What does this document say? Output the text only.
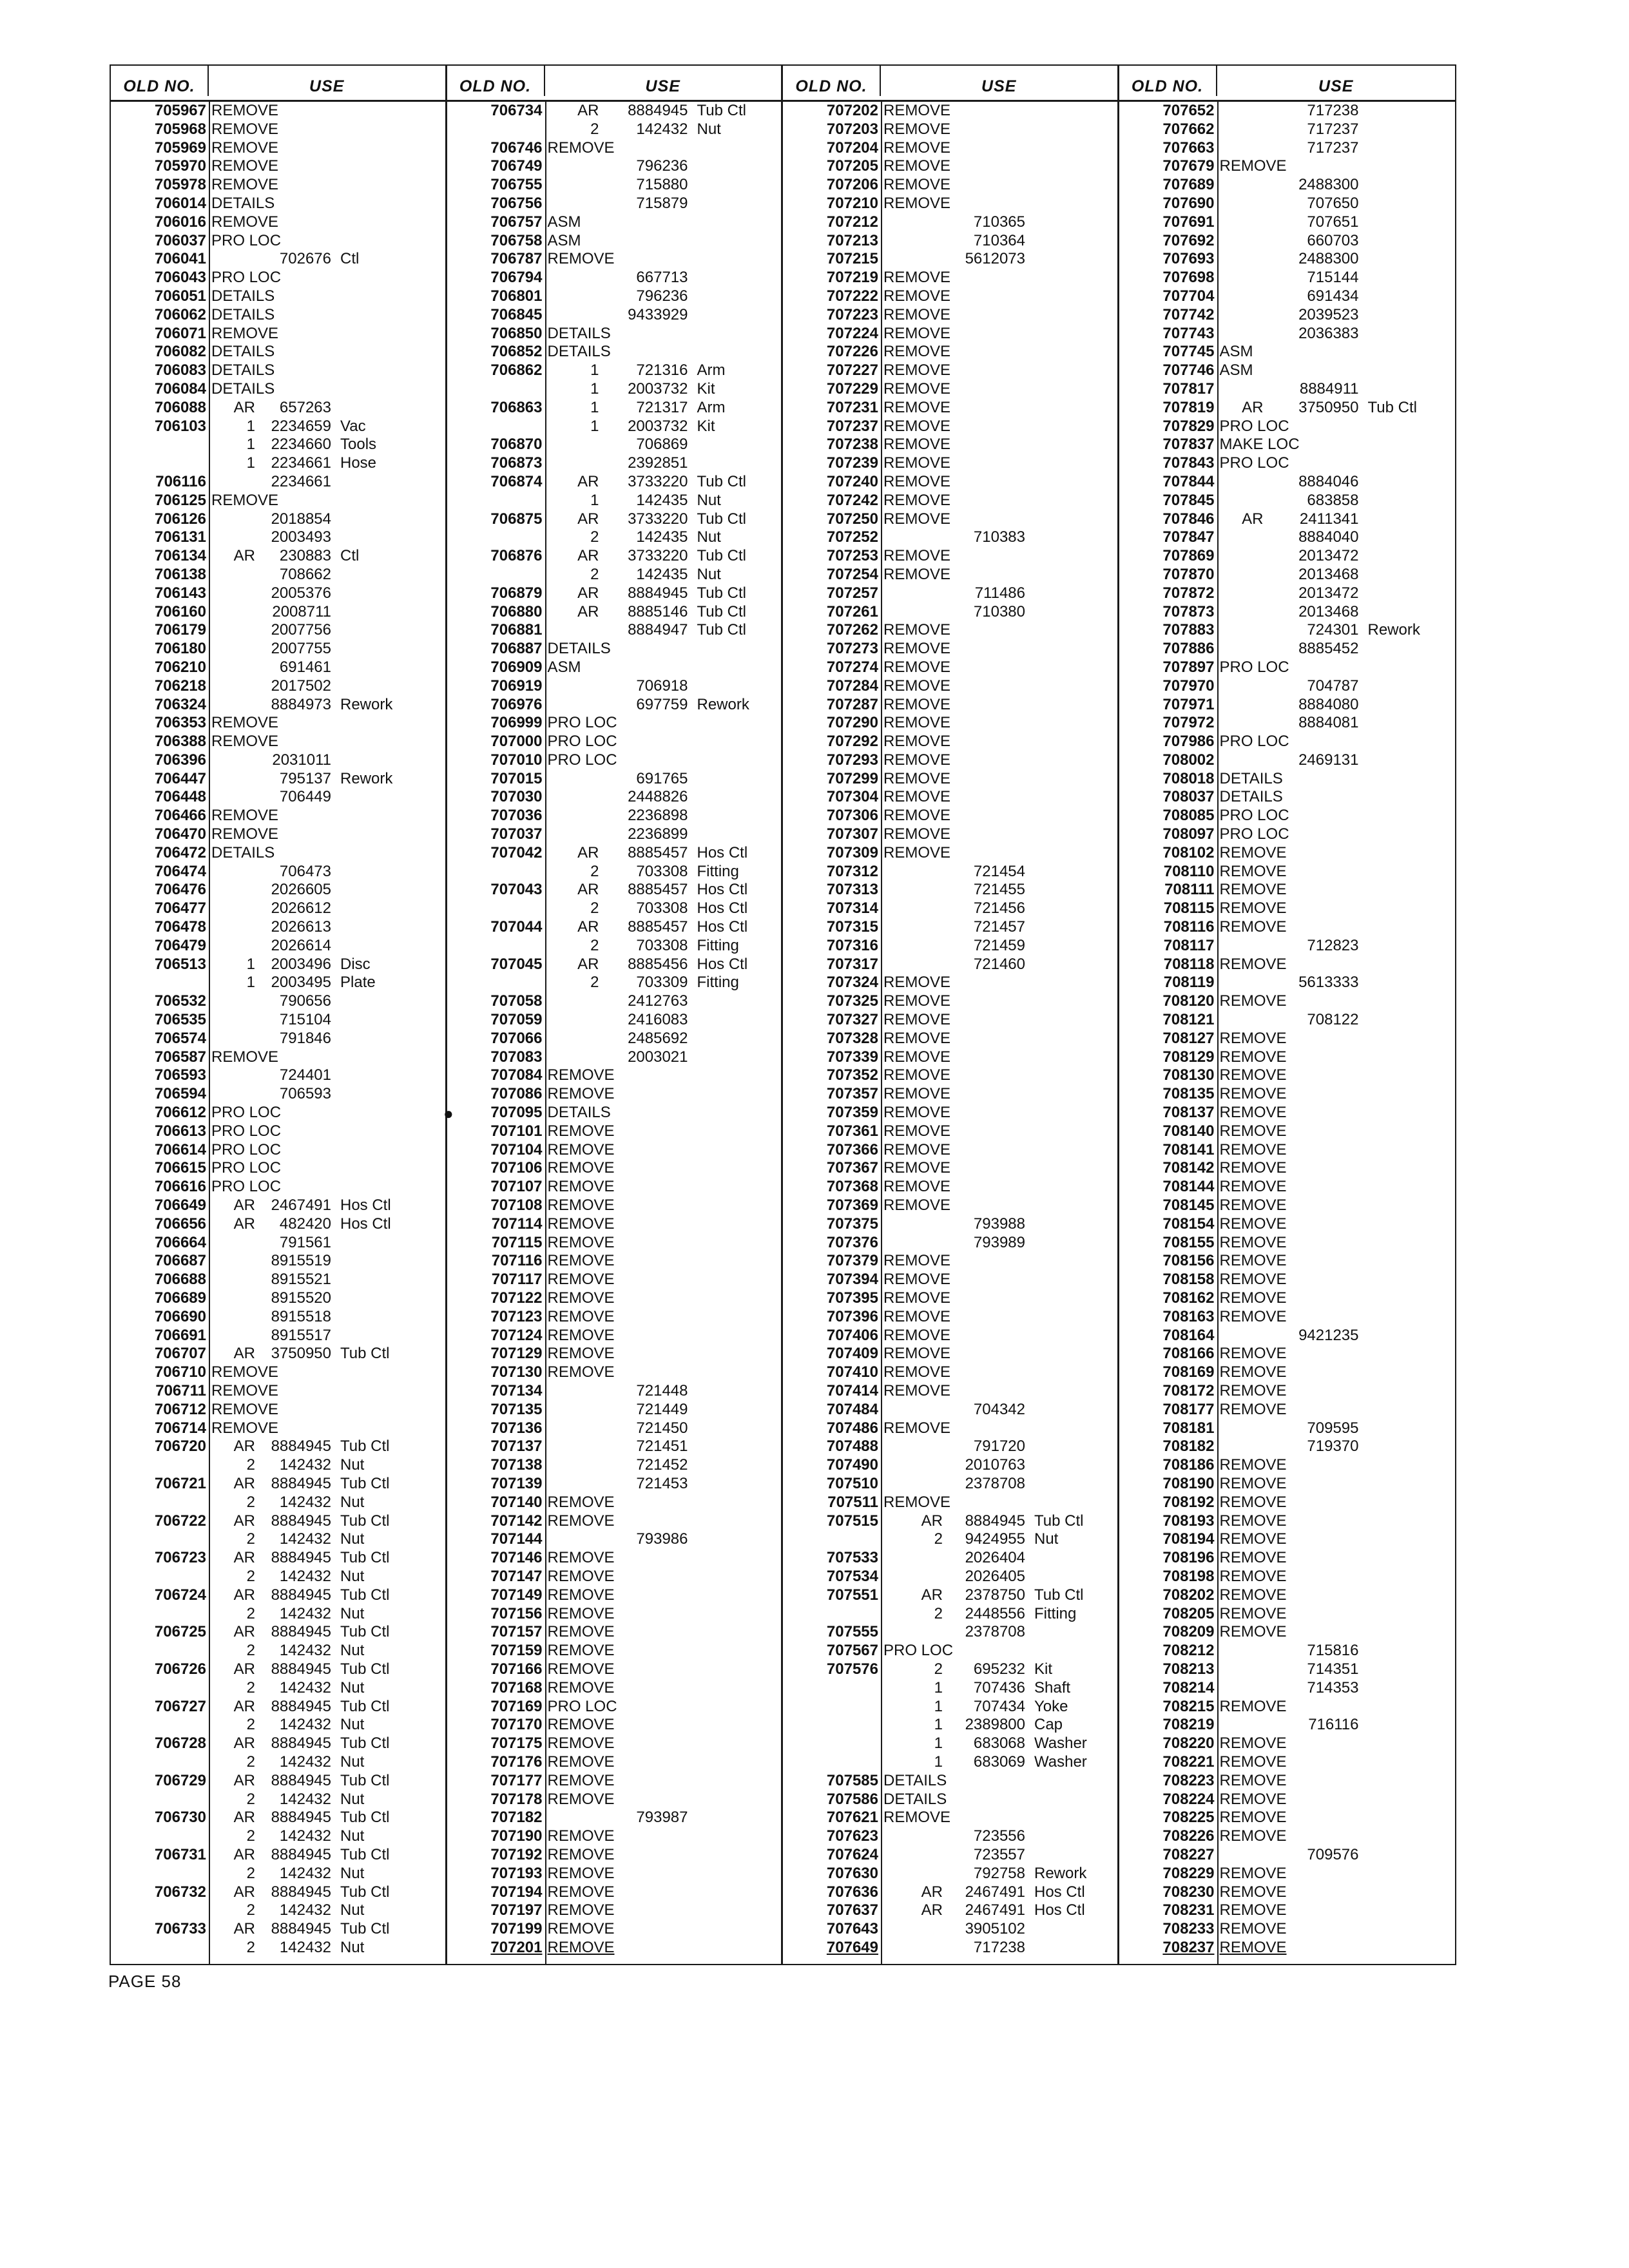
OLD NO.	USE
705967 REMOVE
705968 REMOVE
705969 REMOVE
705970 REMOVE
705978 REMOVE
706014 DETAILS
706016 REMOVE
706037 PRO LOC
706041	702676 Ctl
706043 PRO LOC
706051 DETAILS
706062 DETAILS
706071 REMOVE
706082 DETAILS
706083 DETAILS
706084 DETAILS
706088	AR	657263
706103	1	2234659 Vac
1	2234660 Tools
1	2234661 Hose
706116	2234661
706125 REMOVE
706126	2018854
706131	2003493
706134	AR	230883 Ctl
706138	708662
706143	2005376
706160	2008711
706179	2007756
706180	2007755
706210	691461
706218	2017502
706324	8884973 Rework
706353 REMOVE
706388 REMOVE
706396	2031011
706447	795137 Rework
706448	706449
706466 REMOVE
706470 REMOVE
706472 DETAILS
706474	706473
706476	2026605
706477	2026612
706478	2026613
706479	2026614
706513	1	2003496 Disc
1	2003495 Plate
706532	790656
706535	715104
706574	791846
706587 REMOVE
706593	724401
706594	706593
706612 PRO LOC
706613 PRO LOC
706614 PRO LOC
706615 PRO LOC
706616 PRO LOC
706649	AR	2467491 Hos Ctl
706656	AR	482420 Hos Ctl
706664	791561
706687	8915519
706688	8915521
706689	8915520
706690	8915518
706691	8915517
706707	AR	3750950 Tub Ctl
706710 REMOVE
706711 REMOVE
706712 REMOVE
706714 REMOVE
706720	AR	8884945 Tub Ctl
2	142432 Nut
706721	AR	8884945 Tub Ctl
2	142432 Nut
706722	AR	8884945 Tub Ctl
2	142432 Nut
706723	AR	8884945 Tub Ctl
2	142432 Nut
706724	AR	8884945 Tub Ctl
2	142432 Nut
706725	AR	8884945 Tub Ctl
2	142432 Nut
706726	AR	8884945 Tub Ctl
2	142432 Nut
706727	AR	8884945 Tub Ctl
2	142432 Nut
706728	AR	8884945 Tub Ctl
2	142432 Nut
706729	AR	8884945 Tub Ctl
2	142432 Nut
706730	AR	8884945 Tub Ctl
2	142432 Nut
706731	AR	8884945 Tub Ctl
2	142432 Nut
706732	AR	8884945 Tub Ctl
2	142432 Nut
706733	AR	8884945 Tub Ctl
2	142432 Nut
OLD NO.	USE
706734	AR	8884945 Tub Ctl
2	142432 Nut
706746 REMOVE
706749	796236
706755	715880
706756	715879
706757 ASM
706758 ASM
706787 REMOVE
706794	667713
706801	796236
706845	9433929
706850 DETAILS
706852 DETAILS
706862	1	721316 Arm
1	2003732 Kit
706863	1	721317 Arm
1	2003732 Kit
706870	706869
706873	2392851
706874	AR	3733220 Tub Ctl
1	142435 Nut
706875	AR	3733220 Tub Ctl
2	142435 Nut
706876	AR	3733220 Tub Ctl
2	142435 Nut
706879	AR	8884945 Tub Ctl
706880	AR	8885146 Tub Ctl
706881	8884947 Tub Ctl
706887 DETAILS
706909 ASM
706919	706918
706976	697759 Rework
706999 PRO LOC
707000 PRO LOC
707010 PRO LOC
707015	691765
707030	2448826
707036	2236898
707037	2236899
707042	AR	8885457 Hos Ctl
2	703308 Fitting
707043	AR	8885457 Hos Ctl
2	703308 Hos Ctl
707044	AR	8885457 Hos Ctl
2	703308 Fitting
707045	AR	8885456 Hos Ctl
2	703309 Fitting
707058	2412763
707059	2416083
707066	2485692
707083	2003021
707084 REMOVE
707086 REMOVE
707095 DETAILS
707101 REMOVE
707104 REMOVE
707106 REMOVE
707107 REMOVE
707108 REMOVE
707114 REMOVE
707115 REMOVE
707116 REMOVE
707117 REMOVE
707122 REMOVE
707123 REMOVE
707124 REMOVE
707129 REMOVE
707130 REMOVE
707134	721448
707135	721449
707136	721450
707137	721451
707138	721452
707139	721453
707140 REMOVE
707142 REMOVE
707144	793986
707146 REMOVE
707147 REMOVE
707149 REMOVE
707156 REMOVE
707157 REMOVE
707159 REMOVE
707166 REMOVE
707168 REMOVE
707169 PRO LOC
707170 REMOVE
707175 REMOVE
707176 REMOVE
707177 REMOVE
707178 REMOVE
707182	793987
707190 REMOVE
707192 REMOVE
707193 REMOVE
707194 REMOVE
707197 REMOVE
707199 REMOVE
707201 REMOVE
OLD NO.	USE
707202 REMOVE
707203 REMOVE
707204 REMOVE
707205 REMOVE
707206 REMOVE
707210 REMOVE
707212	710365
707213	710364
707215	5612073
707219 REMOVE
707222 REMOVE
707223 REMOVE
707224 REMOVE
707226 REMOVE
707227 REMOVE
707229 REMOVE
707231 REMOVE
707237 REMOVE
707238 REMOVE
707239 REMOVE
707240 REMOVE
707242 REMOVE
707250 REMOVE
707252	710383
707253 REMOVE
707254 REMOVE
707257	711486
707261	710380
707262 REMOVE
707273 REMOVE
707274 REMOVE
707284 REMOVE
707287 REMOVE
707290 REMOVE
707292 REMOVE
707293 REMOVE
707299 REMOVE
707304 REMOVE
707306 REMOVE
707307 REMOVE
707309 REMOVE
707312	721454
707313	721455
707314	721456
707315	721457
707316	721459
707317	721460
707324 REMOVE
707325 REMOVE
707327 REMOVE
707328 REMOVE
707339 REMOVE
707352 REMOVE
707357 REMOVE
707359 REMOVE
707361 REMOVE
707366 REMOVE
707367 REMOVE
707368 REMOVE
707369 REMOVE
707375	793988
707376	793989
707379 REMOVE
707394 REMOVE
707395 REMOVE
707396 REMOVE
707406 REMOVE
707409 REMOVE
707410 REMOVE
707414 REMOVE
707484	704342
707486 REMOVE
707488	791720
707490	2010763
707510	2378708
707511 REMOVE
707515	AR	8884945 Tub Ctl
2	9424955 Nut
707533	2026404
707534	2026405
707551	AR	2378750 Tub Ctl
2	2448556 Fitting
707555	2378708
707567 PRO LOC
707576	2	695232 Kit
1	707436 Shaft
1	707434 Yoke
1	2389800 Cap
1	683068 Washer
1	683069 Washer
707585 DETAILS
707586 DETAILS
707621 REMOVE
707623	723556
707624	723557
707630	792758 Rework
707636	AR	2467491 Hos Ctl
707637	AR	2467491 Hos Ctl
707643	3905102
707649	717238
OLD NO.	USE
707652	717238
707662	717237
707663	717237
707679 REMOVE
707689	2488300
707690	707650
707691	707651
707692	660703
707693	2488300
707698	715144
707704	691434
707742	2039523
707743	2036383
707745 ASM
707746 ASM
707817	8884911
707819	AR	3750950 Tub Ctl
707829 PRO LOC
707837 MAKE LOC
707843 PRO LOC
707844	8884046
707845	683858
707846	AR	2411341
707847	8884040
707869	2013472
707870	2013468
707872	2013472
707873	2013468
707883	724301 Rework
707886	8885452
707897 PRO LOC
707970	704787
707971	8884080
707972	8884081
707986 PRO LOC
708002	2469131
708018 DETAILS
708037 DETAILS
708085 PRO LOC
708097 PRO LOC
708102 REMOVE
708110 REMOVE
708111 REMOVE
708115 REMOVE
708116 REMOVE
708117	712823
708118 REMOVE
708119	5613333
708120 REMOVE
708121	708122
708127 REMOVE
708129 REMOVE
708130 REMOVE
708135 REMOVE
708137 REMOVE
708140 REMOVE
708141 REMOVE
708142 REMOVE
708144 REMOVE
708145 REMOVE
708154 REMOVE
708155 REMOVE
708156 REMOVE
708158 REMOVE
708162 REMOVE
708163 REMOVE
708164	9421235
708166 REMOVE
708169 REMOVE
708172 REMOVE
708177 REMOVE
708181	709595
708182	719370
708186 REMOVE
708190 REMOVE
708192 REMOVE
708193 REMOVE
708194 REMOVE
708196 REMOVE
708198 REMOVE
708202 REMOVE
708205 REMOVE
708209 REMOVE
708212	715816
708213	714351
708214	714353
708215 REMOVE
708219	716116
708220 REMOVE
708221 REMOVE
708223 REMOVE
708224 REMOVE
708225 REMOVE
708226 REMOVE
708227	709576
708229 REMOVE
708230 REMOVE
708231 REMOVE
708233 REMOVE
708237 REMOVE
●
PAGE 58
